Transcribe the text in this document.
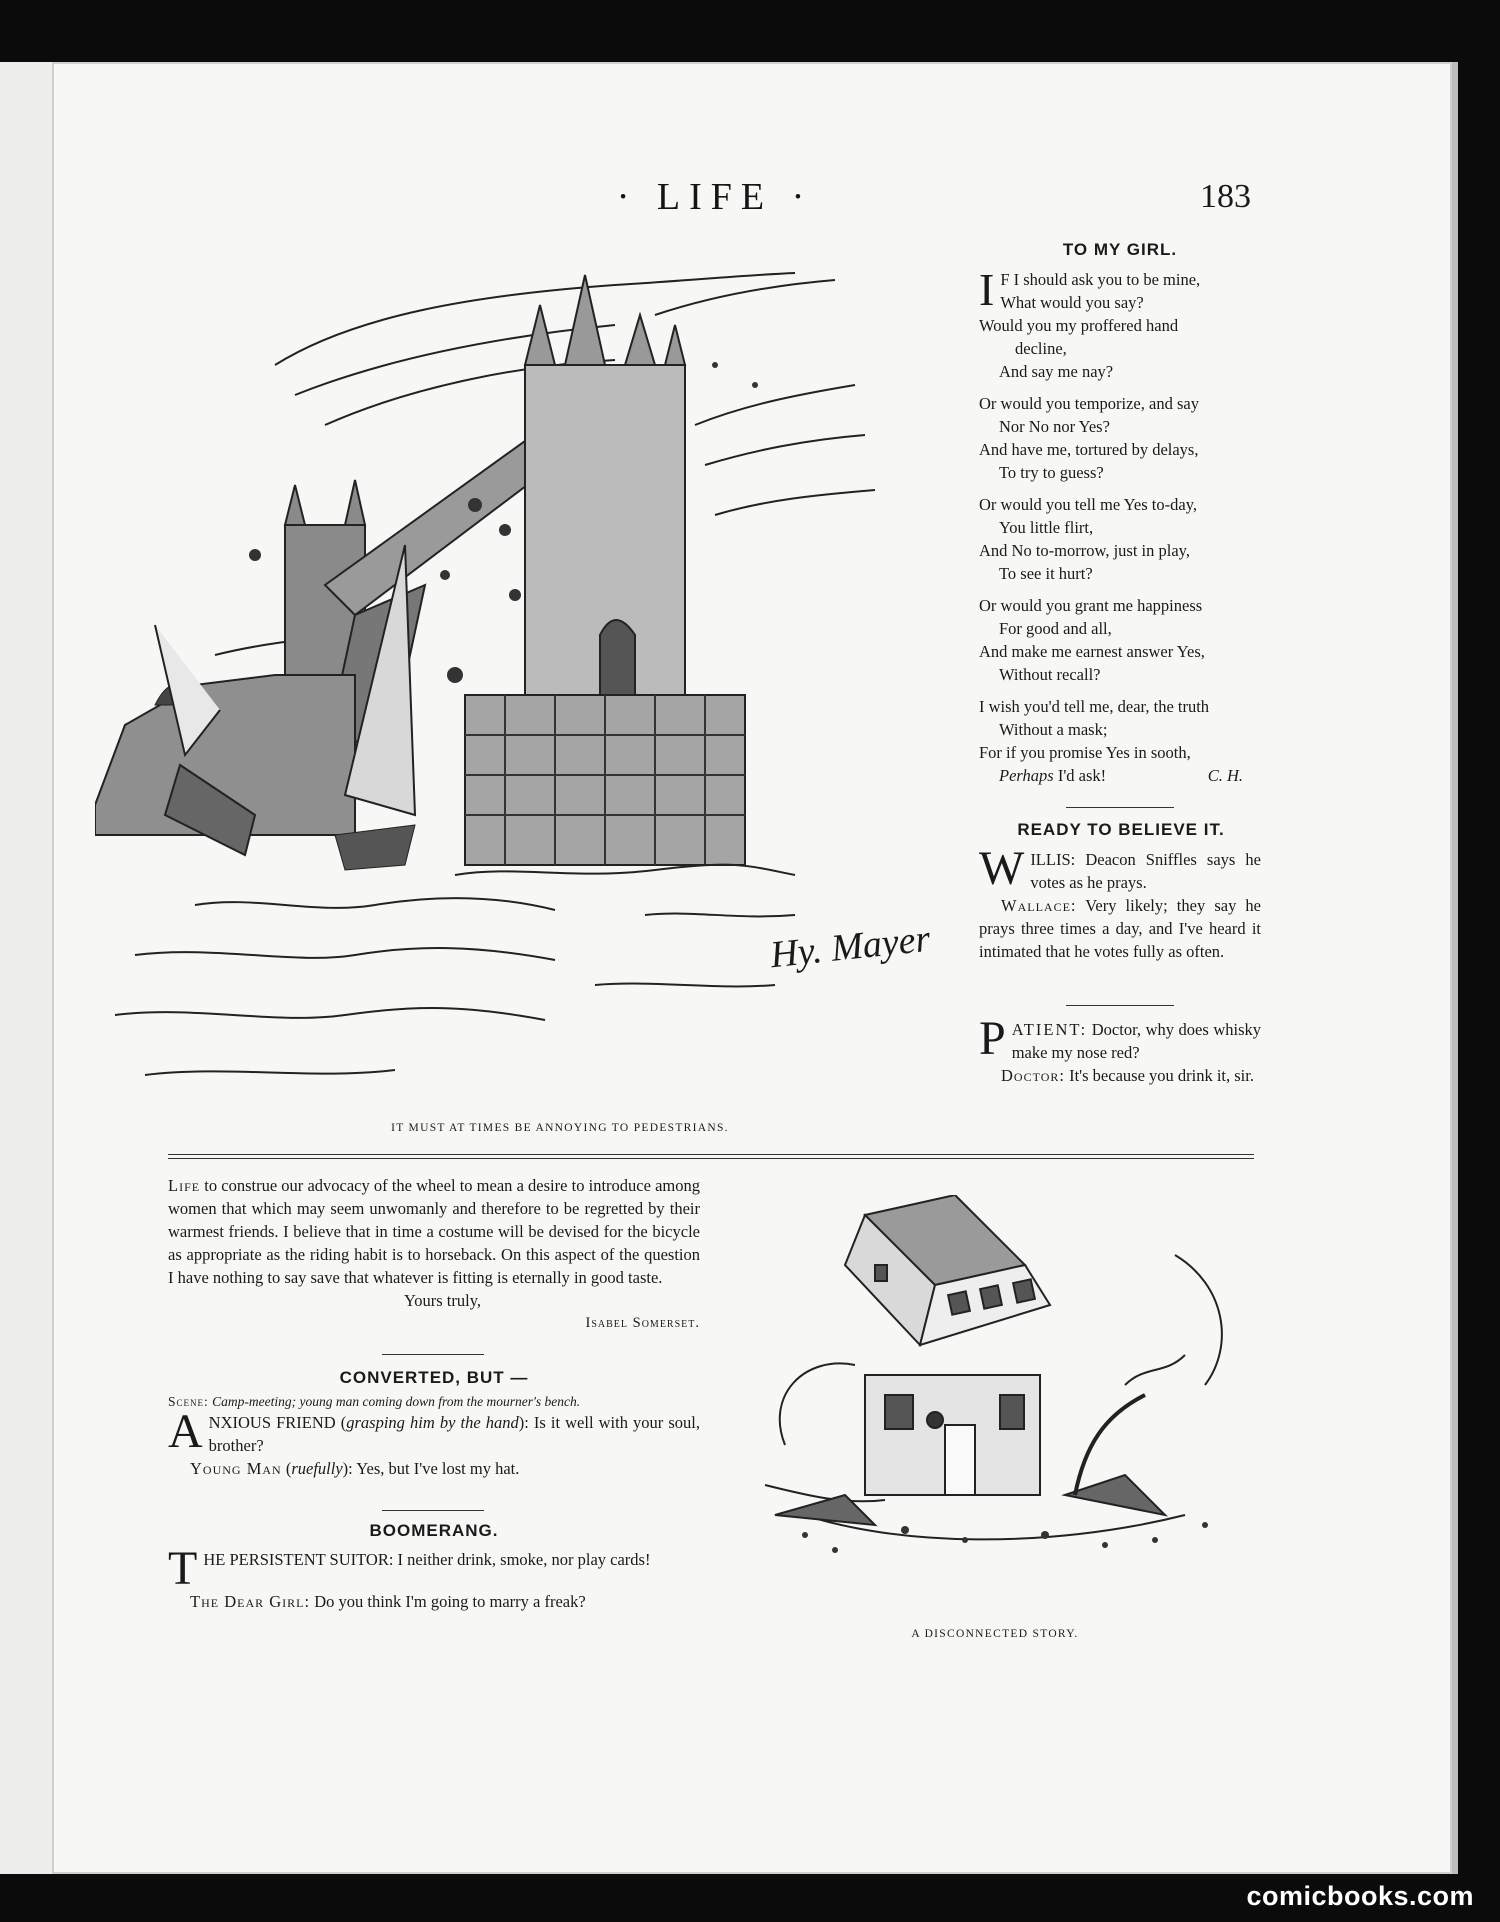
· LIFE ·	183
Hy. Mayer
IT MUST AT TIMES BE ANNOYING TO PEDESTRIANS.
TO MY GIRL.
I F I should ask you to be mine,

What would you say?

Would you my proffered hand

decline,

And say me nay?

Or would you temporize, and say

Nor No nor Yes?

And have me, tortured by delays,

To try to guess?

Or would you tell me Yes to-day,

You little flirt,

And No to-morrow, just in play,

To see it hurt?

Or would you grant me happiness

For good and all,

And make me earnest answer Yes,

Without recall?

I wish you'd tell me, dear, the truth

Without a mask;

For if you promise Yes in sooth,

Perhaps I'd ask!	C. H.

READY TO BELIEVE IT.

WILLIS: Deacon Sniffles says he votes as he prays.

Wallace: Very likely; they say he prays three times a day, and I've heard it intimated that he votes fully as often.

PATIENT: Doctor, why does whisky make my nose red?

Doctor: It's because you drink it, sir.

Life to construe our advocacy of the wheel to mean a desire to introduce among women that which may seem unwomanly and therefore to be regretted by their warmest friends. I believe that in time a costume will be devised for the bicycle as appropriate as the riding habit is to horseback. On this aspect of the question I have nothing to say save that whatever is fitting is eternally in good taste.

Yours truly,

Isabel Somerset.

CONVERTED, BUT —

Scene: Camp-meeting; young man coming down from the mourner's bench.

ANXIOUS FRIEND (grasping him by the hand): Is it well with your soul, brother?

Young Man (ruefully): Yes, but I've lost my hat.

BOOMERANG.

THE PERSISTENT SUITOR: I neither drink, smoke, nor play cards!

The Dear Girl: Do you think I'm going to marry a freak?

A DISCONNECTED STORY.
comicbooks.com
